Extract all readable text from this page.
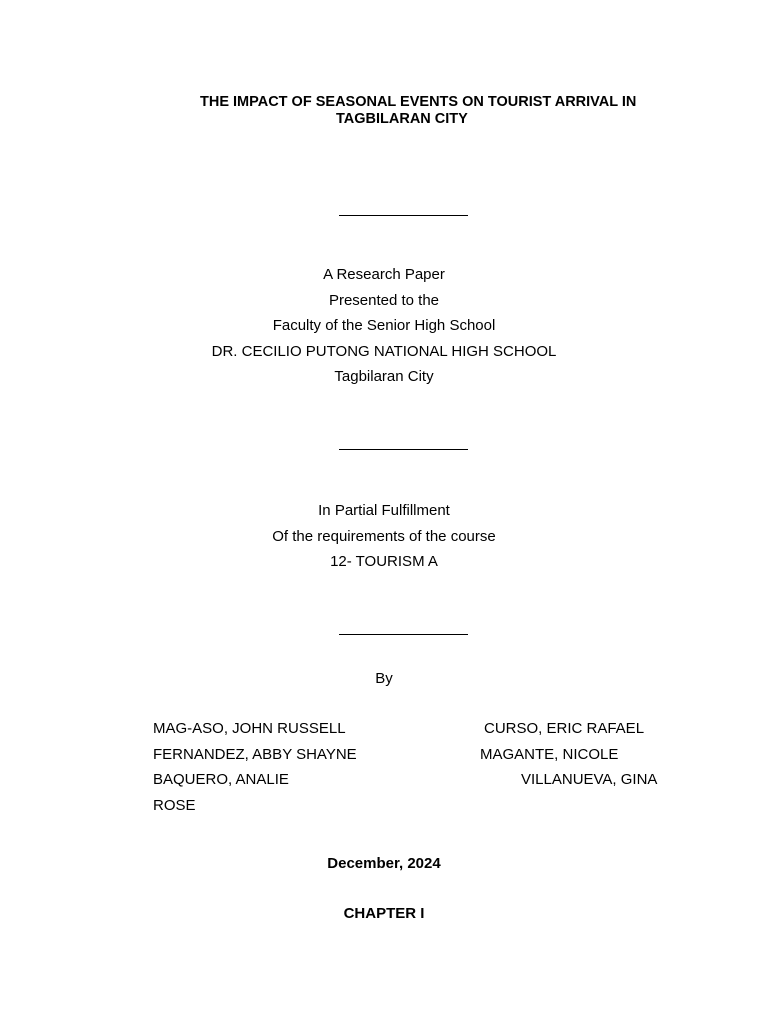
THE IMPACT OF SEASONAL EVENTS ON TOURIST ARRIVAL IN
TAGBILARAN CITY
A Research Paper
Presented to the
Faculty of the Senior High School
DR. CECILIO PUTONG NATIONAL HIGH SCHOOL
Tagbilaran City
In Partial Fulfillment
Of the requirements of the course
12- TOURISM A
By
MAG-ASO, JOHN RUSSELL	CURSO, ERIC RAFAEL
FERNANDEZ, ABBY SHAYNE	MAGANTE, NICOLE
BAQUERO, ANALIE	VILLANUEVA, GINA
ROSE
December, 2024
CHAPTER I
